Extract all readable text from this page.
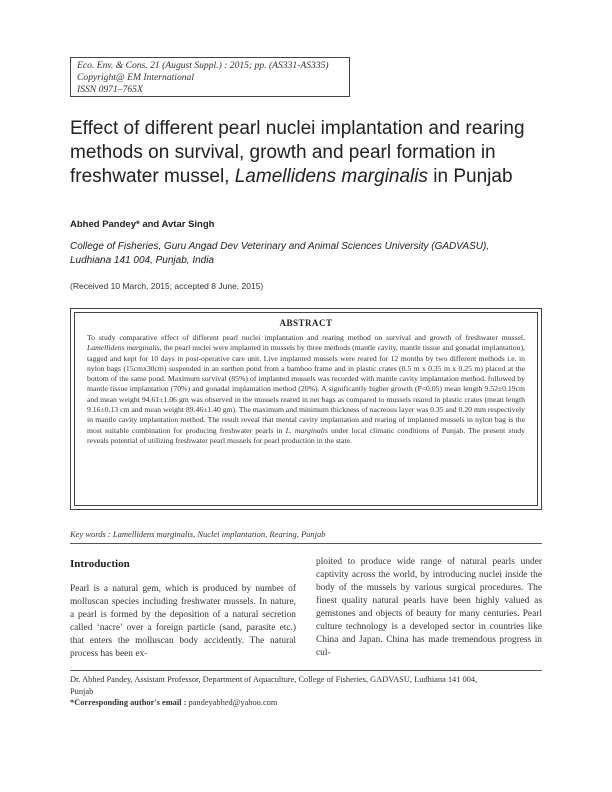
Eco. Env. & Cons. 21 (August Suppl.) : 2015; pp. (AS331-AS335)
Copyright@ EM International
ISSN 0971–765X
Effect of different pearl nuclei implantation and rearing methods on survival, growth and pearl formation in freshwater mussel, Lamellidens marginalis in Punjab
Abhed Pandey* and Avtar Singh
College of Fisheries, Guru Angad Dev Veterinary and Animal Sciences University (GADVASU),
Ludhiana 141 004, Punjab, India
(Received 10 March, 2015; accepted 8 June, 2015)
ABSTRACT
To study comparative effect of different pearl nuclei implantation and rearing method on survival and growth of freshwater mussel, Lamellidens marginalis, the pearl nuclei were implanted in mussels by three methods (mantle cavity, mantle tissue and gonadal implantation), tagged and kept for 10 days in post-operative care unit. Live implanted mussels were reared for 12 months by two different methods i.e. in nylon bags (15cmx30cm) suspended in an earthen pond from a bamboo frame and in plastic crates (0.5 m x 0.35 m x 0.25 m) placed at the bottom of the same pond. Maximum survival (85%) of implanted mussels was recorded with mantle cavity implantation method, followed by mantle tissue implantation (70%) and gonadal implantation method (20%). A significantly higher growth (P<0.05) mean length 9.52±0.19cm and mean weight 94.61±1.06 gm was observed in the mussels reared in net bags as compared to mussels reared in plastic crates (mean length 9.16±0.13 cm and mean weight 89.46±1.40 gm). The maximum and minimum thickness of nacreous layer was 0.35 and 0.20 mm respectively in mantle cavity implantation method. The result reveal that mental cavity implantation and rearing of implanted mussels in nylon bag is the most suitable combination for producing freshwater pearls in L. marginalis under local climatic conditions of Punjab. The present study reveals potential of utilizing freshwater pearl mussels for pearl production in the state.
Key words : Lamellidens marginalis, Nuclei implantation, Rearing, Punjab
Introduction
Pearl is a natural gem, which is produced by number of molluscan species including freshwater mussels. In nature, a pearl is formed by the deposition of a natural secretion called ‘nacre’ over a foreign particle (sand, parasite etc.) that enters the molluscan body accidently. The natural process has been ex-
ploited to produce wide range of natural pearls under captivity across the world, by introducing nuclei inside the body of the mussels by various surgical procedures. The finest quality natural pearls have been highly valued as gemstones and objects of beauty for many centuries. Pearl culture technology is a developed sector in countries like China and Japan. China has made tremendous progress in cul-
Dr. Abhed Pandey, Assistant Professor, Department of Aquaculture, College of Fisheries, GADVASU, Ludhiana 141 004,
Punjab
*Corresponding author's email : pandeyabhed@yahoo.com
